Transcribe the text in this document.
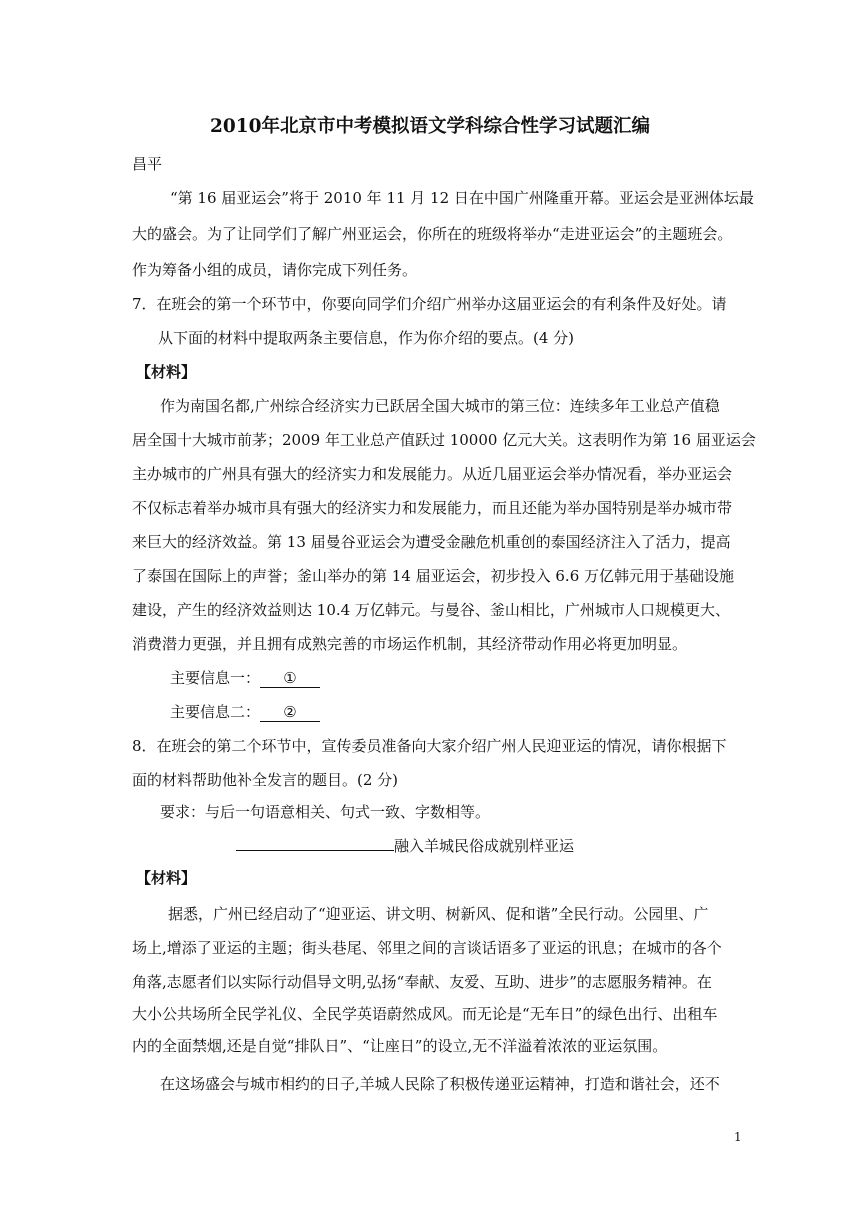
2010年北京市中考模拟语文学科综合性学习试题汇编
昌平
“第 16 届亚运会”将于 2010 年 11 月 12 日在中国广州隆重开幕。亚运会是亚洲体坛最
大的盛会。为了让同学们了解广州亚运会，你所在的班级将举办“走进亚运会”的主题班会。
作为筹备小组的成员，请你完成下列任务。
7．在班会的第一个环节中，你要向同学们介绍广州举办这届亚运会的有利条件及好处。请
从下面的材料中提取两条主要信息，作为你介绍的要点。(4 分)
【材料】
作为南国名都,广州综合经济实力已跃居全国大城市的第三位：连续多年工业总产值稳
居全国十大城市前茅；2009 年工业总产值跃过 10000 亿元大关。这表明作为第 16 届亚运会
主办城市的广州具有强大的经济实力和发展能力。从近几届亚运会举办情况看，举办亚运会
不仅标志着举办城市具有强大的经济实力和发展能力，而且还能为举办国特别是举办城市带
来巨大的经济效益。第 13 届曼谷亚运会为遭受金融危机重创的泰国经济注入了活力，提高
了泰国在国际上的声誉；釜山举办的第 14 届亚运会，初步投入 6.6 万亿韩元用于基础设施
建设，产生的经济效益则达 10.4 万亿韩元。与曼谷、釜山相比，广州城市人口规模更大、
消费潜力更强，并且拥有成熟完善的市场运作机制，其经济带动作用必将更加明显。
主要信息一： ①
主要信息二： ②
8．在班会的第二个环节中，宣传委员准备向大家介绍广州人民迎亚运的情况，请你根据下
面的材料帮助他补全发言的题目。(2 分)
要求：与后一句语意相关、句式一致、字数相等。
融入羊城民俗成就别样亚运
【材料】
据悉，广州已经启动了“迎亚运、讲文明、树新风、促和谐”全民行动。公园里、广
场上,增添了亚运的主题；街头巷尾、邻里之间的言谈话语多了亚运的讯息；在城市的各个
角落,志愿者们以实际行动倡导文明,弘扬“奉献、友爱、互助、进步”的志愿服务精神。在
大小公共场所全民学礼仪、全民学英语蔚然成风。而无论是“无车日”的绿色出行、出租车
内的全面禁烟,还是自觉“排队日”、“让座日”的设立,无不洋溢着浓浓的亚运氛围。
在这场盛会与城市相约的日子,羊城人民除了积极传递亚运精神，打造和谐社会，还不
1
